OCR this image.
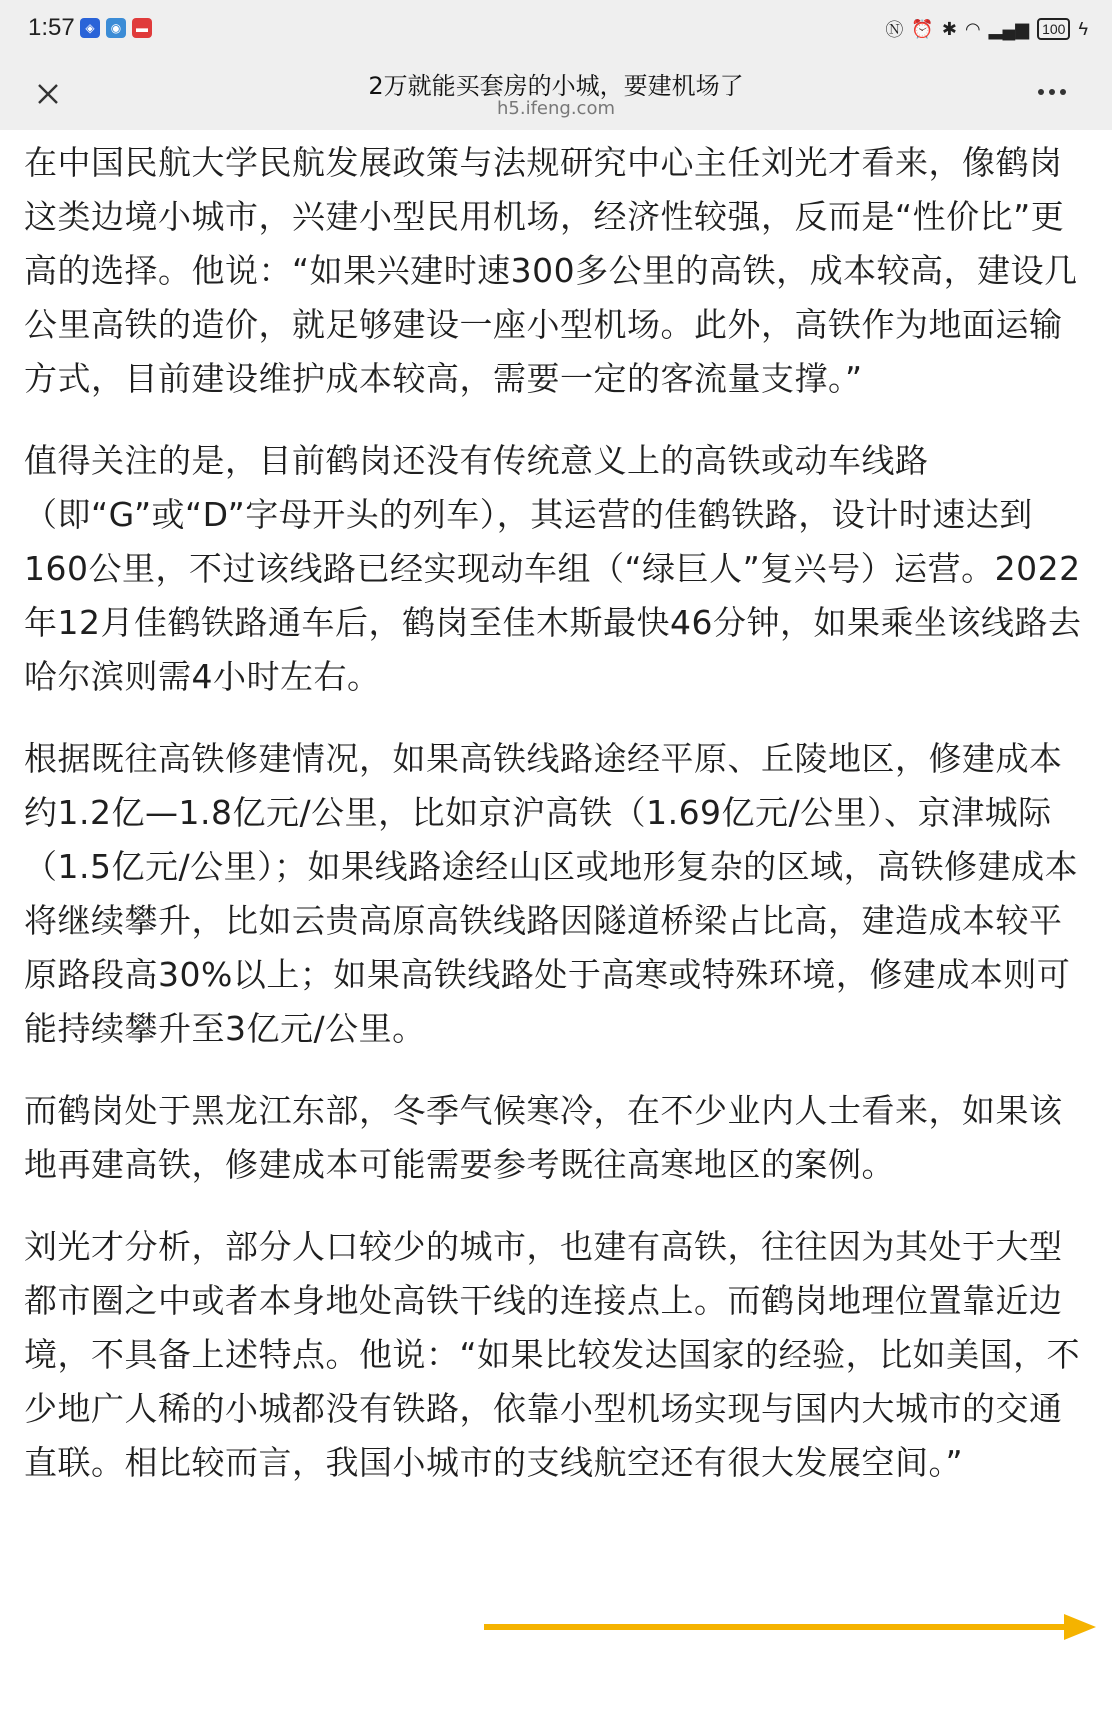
1:57 ◈	◉	▬	Ⓝ ⏰ ✱ ◠ ▂▄▆ 100 ϟ
2万就能买套房的小城，要建机场了
h5.ifeng.com

在中国民航大学民航发展政策与法规研究中心主任刘光才看来，像鹤岗这类边境小城市，兴建小型民用机场，经济性较强，反而是“性价比”更高的选择。他说：“如果兴建时速300多公里的高铁，成本较高，建设几公里高铁的造价，就足够建设一座小型机场。此外，高铁作为地面运输方式，目前建设维护成本较高，需要一定的客流量支撑。”

值得关注的是，目前鹤岗还没有传统意义上的高铁或动车线路（即“G”或“D”字母开头的列车），其运营的佳鹤铁路，设计时速达到160公里，不过该线路已经实现动车组（“绿巨人”复兴号）运营。2022年12月佳鹤铁路通车后，鹤岗至佳木斯最快46分钟，如果乘坐该线路去哈尔滨则需4小时左右。

根据既往高铁修建情况，如果高铁线路途经平原、丘陵地区，修建成本约1.2亿—1.8亿元/公里，比如京沪高铁（1.69亿元/公里）、京津城际（1.5亿元/公里）；如果线路途经山区或地形复杂的区域，高铁修建成本将继续攀升，比如云贵高原高铁线路因隧道桥梁占比高，建造成本较平原路段高30%以上；如果高铁线路处于高寒或特殊环境，修建成本则可能持续攀升至3亿元/公里。

而鹤岗处于黑龙江东部，冬季气候寒冷，在不少业内人士看来，如果该地再建高铁，修建成本可能需要参考既往高寒地区的案例。

刘光才分析，部分人口较少的城市，也建有高铁，往往因为其处于大型都市圈之中或者本身地处高铁干线的连接点上。而鹤岗地理位置靠近边境，不具备上述特点。他说：“如果比较发达国家的经验，比如美国，不少地广人稀的小城都没有铁路，依靠小型机场实现与国内大城市的交通直联。相比较而言，我国小城市的支线航空还有很大发展空间。”
